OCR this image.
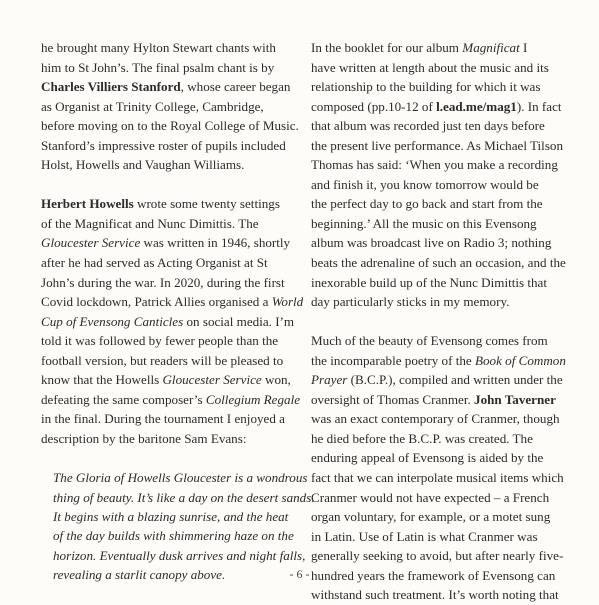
he brought many Hylton Stewart chants with
him to St John’s. The final psalm chant is by
Charles Villiers Stanford, whose career began
as Organist at Trinity College, Cambridge,
before moving on to the Royal College of Music.
Stanford’s impressive roster of pupils included
Holst, Howells and Vaughan Williams.

Herbert Howells wrote some twenty settings
of the Magnificat and Nunc Dimittis. The
Gloucester Service was written in 1946, shortly
after he had served as Acting Organist at St
John’s during the war. In 2020, during the first
Covid lockdown, Patrick Allies organised a World
Cup of Evensong Canticles on social media. I’m
told it was followed by fewer people than the
football version, but readers will be pleased to
know that the Howells Gloucester Service won,
defeating the same composer’s Collegium Regale
in the final. During the tournament I enjoyed a
description by the baritone Sam Evans:

The Gloria of Howells Gloucester is a wondrous
thing of beauty. It’s like a day on the desert sands.
It begins with a blazing sunrise, and the heat
of the day builds with shimmering haze on the
horizon. Eventually dusk arrives and night falls,
revealing a starlit canopy above.

In the booklet for our album Magnificat I
have written at length about the music and its
relationship to the building for which it was
composed (pp.10-12 of l.ead.me/mag1). In fact
that album was recorded just ten days before
the present live performance. As Michael Tilson
Thomas has said: ‘When you make a recording
and finish it, you know tomorrow would be
the perfect day to go back and start from the
beginning.’ All the music on this Evensong
album was broadcast live on Radio 3; nothing
beats the adrenaline of such an occasion, and the
inexorable build up of the Nunc Dimittis that
day particularly sticks in my memory.

Much of the beauty of Evensong comes from
the incomparable poetry of the Book of Common
Prayer (B.C.P.), compiled and written under the
oversight of Thomas Cranmer. John Taverner
was an exact contemporary of Cranmer, though
he died before the B.C.P. was created. The
enduring appeal of Evensong is aided by the
fact that we can interpolate musical items which
Cranmer would not have expected – a French
organ voluntary, for example, or a motet sung
in Latin. Use of Latin is what Cranmer was
generally seeking to avoid, but after nearly five-
hundred years the framework of Evensong can
withstand such treatment. It’s worth noting that

- 6 -
